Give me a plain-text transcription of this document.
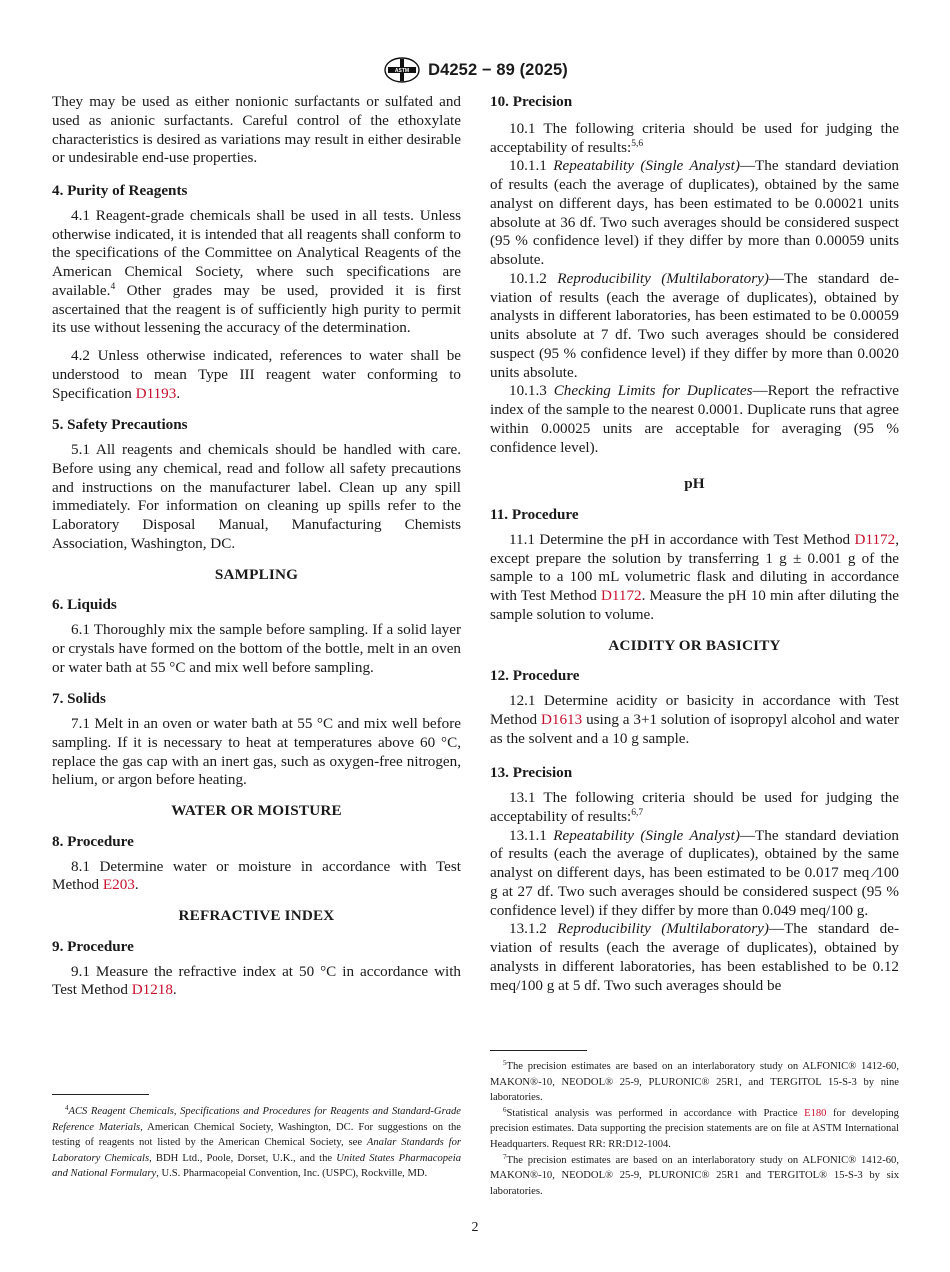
ASTM D4252 − 89 (2025)

They may be used as either nonionic surfactants or sulfated and used as anionic surfactants. Careful control of the ethoxylate characteristics is desired as variations may result in either desirable or undesirable end-use properties.

4. Purity of Reagents

4.1 Reagent-grade chemicals shall be used in all tests. Unless otherwise indicated, it is intended that all reagents shall conform to the specifications of the Committee on Analytical Reagents of the American Chemical Society, where such specifications are available.$^4$ Other grades may be used, provided it is first ascertained that the reagent is of sufficiently high purity to permit its use without lessening the accuracy of the determination.

4.2 Unless otherwise indicated, references to water shall be understood to mean Type III reagent water conforming to Specification D1193.

5. Safety Precautions

5.1 All reagents and chemicals should be handled with care. Before using any chemical, read and follow all safety precautions and instructions on the manufacturer label. Clean up any spill immediately. For information on cleaning up spills refer to the Laboratory Disposal Manual, Manufacturing Chemists Association, Washington, DC.

SAMPLING
6. Liquids

6.1 Thoroughly mix the sample before sampling. If a solid layer or crystals have formed on the bottom of the bottle, melt in an oven or water bath at 55 °C and mix well before sampling.

7. Solids

7.1 Melt in an oven or water bath at 55 °C and mix well before sampling. If it is necessary to heat at temperatures above 60 °C, replace the gas cap with an inert gas, such as oxygen-free nitrogen, helium, or argon before heating.

WATER OR MOISTURE
8. Procedure

8.1 Determine water or moisture in accordance with Test Method E203.

REFRACTIVE INDEX
9. Procedure

9.1 Measure the refractive index at 50 °C in accordance with Test Method D1218.

10. Precision

10.1 The following criteria should be used for judging the acceptability of results:$^{5,6}$

10.1.1 Repeatability (Single Analyst)—The standard deviation of results (each the average of duplicates), obtained by the same analyst on different days, has been estimated to be 0.00021 units absolute at 36 df. Two such averages should be considered suspect (95 % confidence level) if they differ by more than 0.00059 units absolute.

10.1.2 Reproducibility (Multilaboratory)—The standard deviation of results (each the average of duplicates), obtained by analysts in different laboratories, has been estimated to be 0.00059 units absolute at 7 df. Two such averages should be considered suspect (95 % confidence level) if they differ by more than 0.0020 units absolute.

10.1.3 Checking Limits for Duplicates—Report the refractive index of the sample to the nearest 0.0001. Duplicate runs that agree within 0.00025 units are acceptable for averaging (95 % confidence level).

pH
11. Procedure

11.1 Determine the pH in accordance with Test Method D1172, except prepare the solution by transferring 1 g ± 0.001 g of the sample to a 100 mL volumetric flask and diluting in accordance with Test Method D1172. Measure the pH 10 min after diluting the sample solution to volume.

ACIDITY OR BASICITY
12. Procedure

12.1 Determine acidity or basicity in accordance with Test Method D1613 using a 3+1 solution of isopropyl alcohol and water as the solvent and a 10 g sample.

13. Precision

13.1 The following criteria should be used for judging the acceptability of results:$^{6,7}$

13.1.1 Repeatability (Single Analyst)—The standard deviation of results (each the average of duplicates), obtained by the same analyst on different days, has been estimated to be 0.017 meq ⁄100 g at 27 df. Two such averages should be considered suspect (95 % confidence level) if they differ by more than 0.049 meq/100 g.

13.1.2 Reproducibility (Multilaboratory)—The standard deviation of results (each the average of duplicates), obtained by analysts in different laboratories, has been established to be 0.12 meq/100 g at 5 df. Two such averages should be

$^4$ACS Reagent Chemicals, Specifications and Procedures for Reagents and Standard-Grade Reference Materials, American Chemical Society, Washington, DC. For suggestions on the testing of reagents not listed by the American Chemical Society, see Analar Standards for Laboratory Chemicals, BDH Ltd., Poole, Dorset, U.K., and the United States Pharmacopeia and National Formulary, U.S. Pharmacopeial Convention, Inc. (USPC), Rockville, MD.

$^5$The precision estimates are based on an interlaboratory study on ALFONIC® 1412-60, MAKON®-10, NEODOL® 25-9, PLURONIC® 25R1, and TERGITOL 15-S-3 by nine laboratories.

$^6$Statistical analysis was performed in accordance with Practice E180 for developing precision estimates. Data supporting the precision statements are on file at ASTM International Headquarters. Request RR: RR:D12-1004.

$^7$The precision estimates are based on an interlaboratory study on ALFONIC® 1412-60, MAKON®-10, NEODOL® 25-9, PLURONIC® 25R1 and TERGITOL® 15-S-3 by six laboratories.

2
